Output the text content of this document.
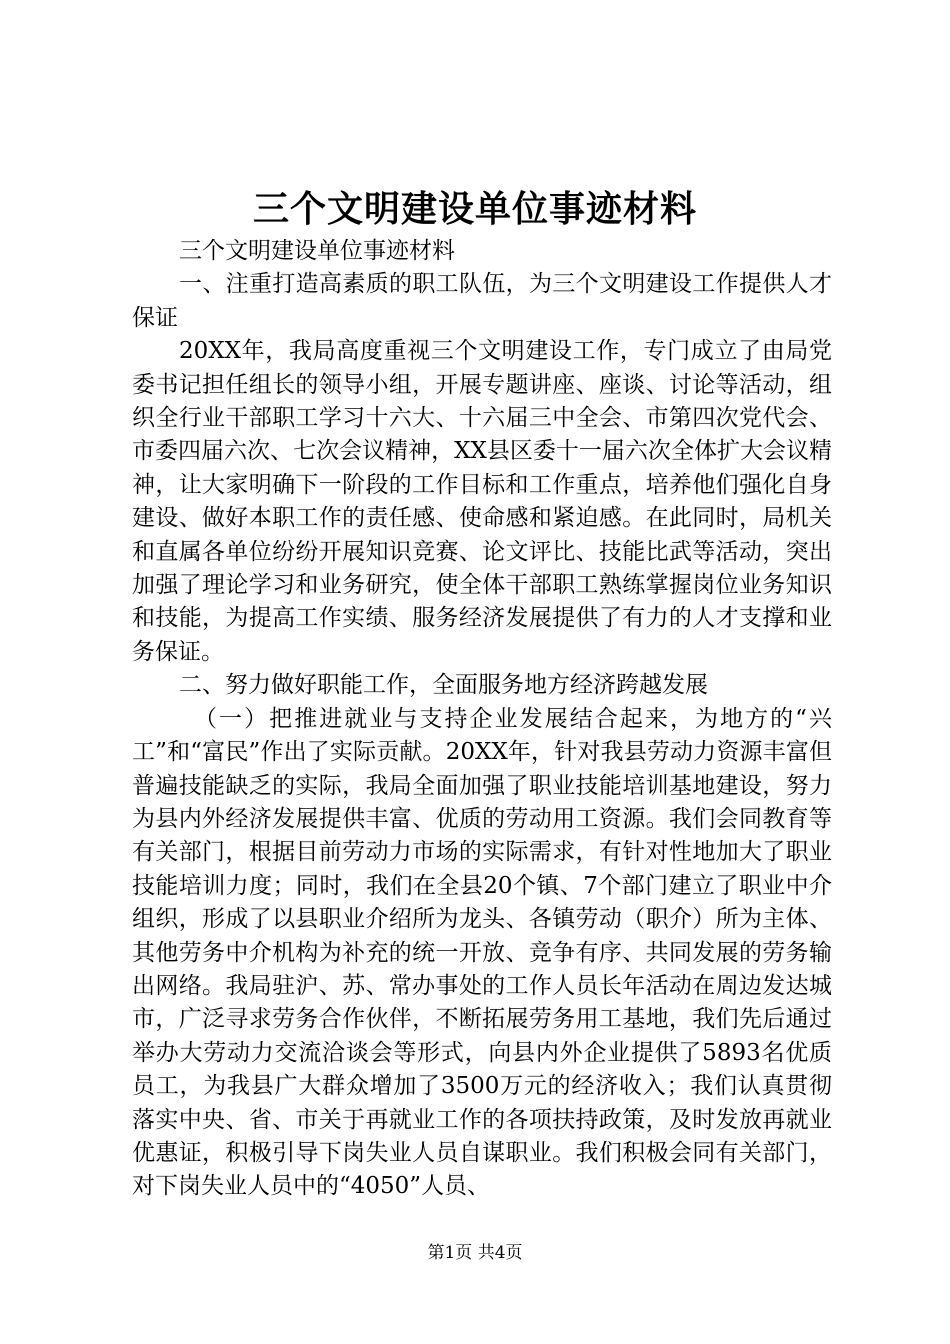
三个文明建设单位事迹材料

三个文明建设单位事迹材料

一、注重打造高素质的职工队伍，为三个文明建设工作提供人才保证

20XX年，我局高度重视三个文明建设工作，专门成立了由局党委书记担任组长的领导小组，开展专题讲座、座谈、讨论等活动，组织全行业干部职工学习十六大、十六届三中全会、市第四次党代会、市委四届六次、七次会议精神，XX县区委十一届六次全体扩大会议精神，让大家明确下一阶段的工作目标和工作重点，培养他们强化自身建设、做好本职工作的责任感、使命感和紧迫感。在此同时，局机关和直属各单位纷纷开展知识竞赛、论文评比、技能比武等活动，突出加强了理论学习和业务研究，使全体干部职工熟练掌握岗位业务知识和技能，为提高工作实绩、服务经济发展提供了有力的人才支撑和业务保证。

二、努力做好职能工作，全面服务地方经济跨越发展

（一）把推进就业与支持企业发展结合起来，为地方的“兴工”和“富民”作出了实际贡献。20XX年，针对我县劳动力资源丰富但普遍技能缺乏的实际，我局全面加强了职业技能培训基地建设，努力为县内外经济发展提供丰富、优质的劳动用工资源。我们会同教育等有关部门，根据目前劳动力市场的实际需求，有针对性地加大了职业技能培训力度；同时，我们在全县20个镇、7个部门建立了职业中介组织，形成了以县职业介绍所为龙头、各镇劳动（职介）所为主体、其他劳务中介机构为补充的统一开放、竞争有序、共同发展的劳务输出网络。我局驻沪、苏、常办事处的工作人员长年活动在周边发达城市，广泛寻求劳务合作伙伴，不断拓展劳务用工基地，我们先后通过举办大劳动力交流洽谈会等形式，向县内外企业提供了5893名优质员工，为我县广大群众增加了3500万元的经济收入；我们认真贯彻落实中央、省、市关于再就业工作的各项扶持政策，及时发放再就业优惠证，积极引导下岗失业人员自谋职业。我们积极会同有关部门，对下岗失业人员中的“4050”人员、

第1页 共4页
